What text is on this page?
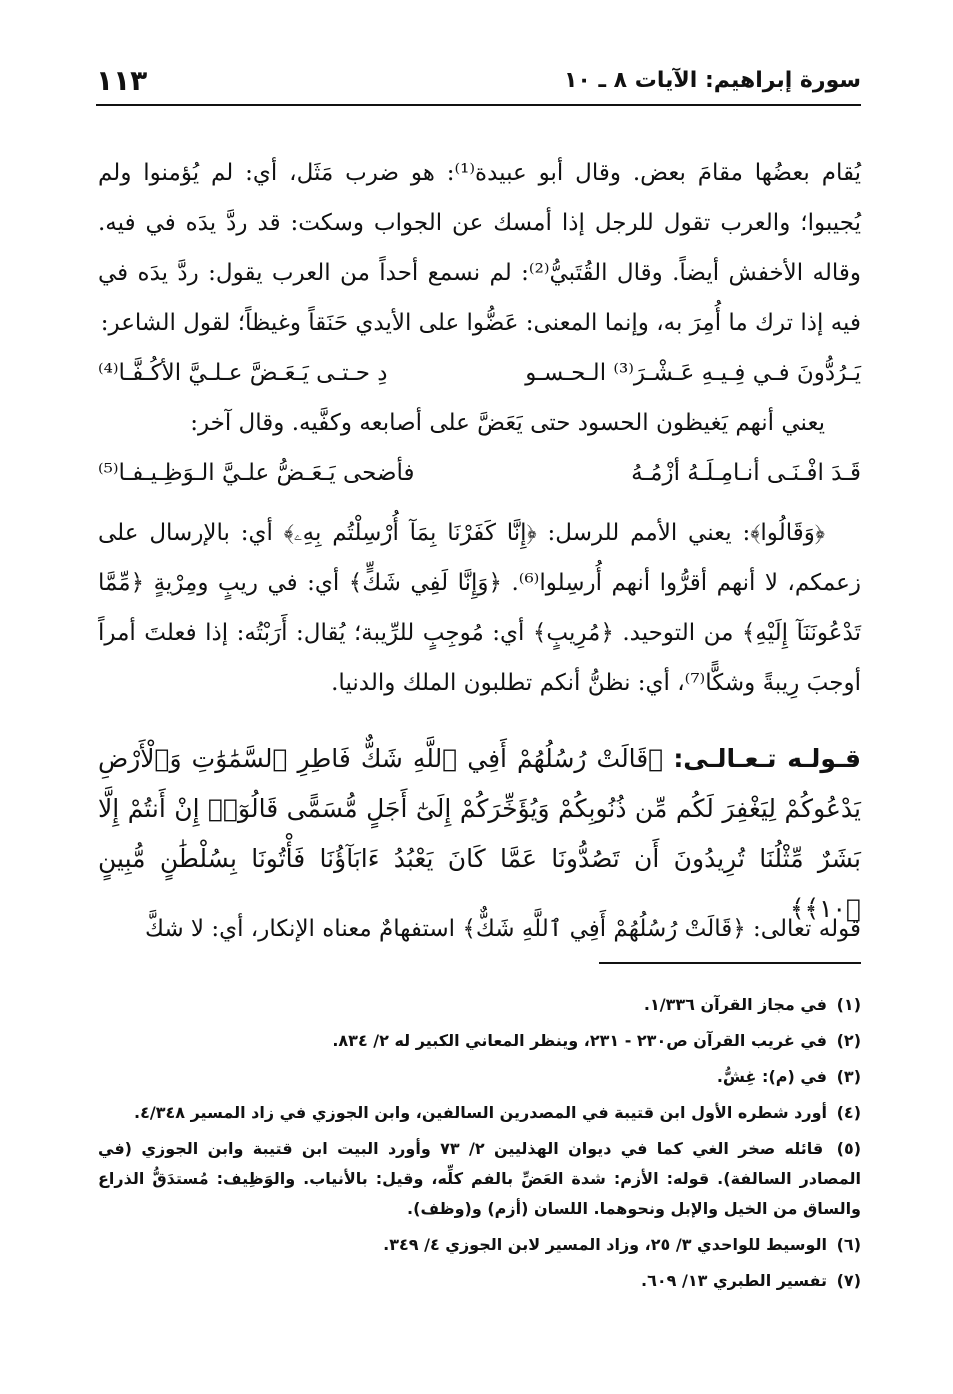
سورة إبراهيم: الآيات ٨ ـ ١٠
١١٣

يُقام بعضُها مقامَ بعض. وقال أبو عبيدة⁽¹⁾: هو ضرب مَثَل، أي: لم يُؤمنوا ولم يُجيبوا؛ والعرب تقول للرجل إذا أمسك عن الجواب وسكت: قد ردَّ يدَه في فيه. وقاله الأخفش أيضاً. وقال القُتَبيُّ⁽²⁾: لم نسمع أحداً من العرب يقول: ردَّ يدَه في فيه إذا ترك ما أُمِرَ به، وإنما المعنى: عَضُّوا على الأيدي حَنَقاً وغيظاً؛ لقول الشاعر:

يَـرُدُّونَ فـي فِـيـهِ عَـشْـرَ⁽³⁾ الـحـسـو
دِ حـتـى يَـعَـضَّ عـلـيَّ الأكُـفَّـا⁽⁴⁾

يعني أنهم يَغيظون الحسود حتى يَعَضَّ على أصابعه وكفَّيه. وقال آخر:

قَـدَ افْـنَـى أنـامِـلَـهُ أزْمُـهُ
فأضحى يَـعَـضُّ علـيَّ الـوَظِـيـفـا⁽⁵⁾

﴿وَقَالُوا﴾: يعني الأمم للرسل: ﴿إِنَّا كَفَرْنَا بِمَآ أُرْسِلْتُم بِهِۦ﴾ أي: بالإرسال على زعمكم، لا أنهم أقرُّوا أنهم أُرسِلوا⁽⁶⁾. ﴿وَإِنَّا لَفِي شَكٍّ﴾ أي: في ريبٍ ومِرْيةٍ ﴿مِّمَّا تَدْعُونَنَآ إِلَيْهِ﴾ من التوحيد. ﴿مُرِيبٍ﴾ أي: مُوجِبٍ للرِّيبة؛ يُقال: أَرَبْتُه: إذا فعلتَ أمراً أوجبَ رِيبةً وشكًّا⁽⁷⁾، أي: نظنُّ أنكم تطلبون الملك والدنيا.

قـولـه تـعـالـى: ﴿قَالَتْ رُسُلُهُمْ أَفِي ٱللَّهِ شَكٌّ فَاطِرِ ٱلسَّمَٰوَٰتِ وَٱلْأَرْضِ يَدْعُوكُمْ لِيَغْفِرَ لَكُم مِّن ذُنُوبِكُمْ وَيُؤَخِّرَكُمْ إِلَىٰٓ أَجَلٍ مُّسَمًّى قَالُوٓا۟ إِنْ أَنتُمْ إِلَّا بَشَرٌ مِّثْلُنَا تُرِيدُونَ أَن تَصُدُّونَا عَمَّا كَانَ يَعْبُدُ ءَابَآؤُنَا فَأْتُونَا بِسُلْطَٰنٍ مُّبِينٍ ﴿١٠﴾﴾
قوله تعالى: ﴿قَالَتْ رُسُلُهُمْ أَفِي ٱللَّهِ شَكٌّ﴾ استفهامٌ معناه الإنكار، أي: لا شكَّ

(١) في مجاز القرآن ١/٣٣٦.

(٢) في غريب القرآن ص٢٣٠ - ٢٣١، وينظر المعاني الكبير له ٢/ ٨٣٤.

(٣) في (م): غِشُّ.

(٤) أورد شطره الأول ابن قتيبة في المصدرين السالفين، وابن الجوزي في زاد المسير ٤/٣٤٨.

(٥) قائله صخر الغي كما في ديوان الهذليين ٢/ ٧٣ وأورد البيت ابن قتيبة وابن الجوزي (في المصادر السالفة). قوله: الأزم: شدة العَضِّ بالفم كلِّه، وقيل: بالأنياب. والوَظِيف: مُستدَقُّ الذراع والساق من الخيل والإبل ونحوهما. اللسان (أزم) و(وظف).

(٦) الوسيط للواحدي ٣/ ٢٥، وزاد المسير لابن الجوزي ٤/ ٣٤٩.

(٧) تفسير الطبري ١٣/ ٦٠٩.
